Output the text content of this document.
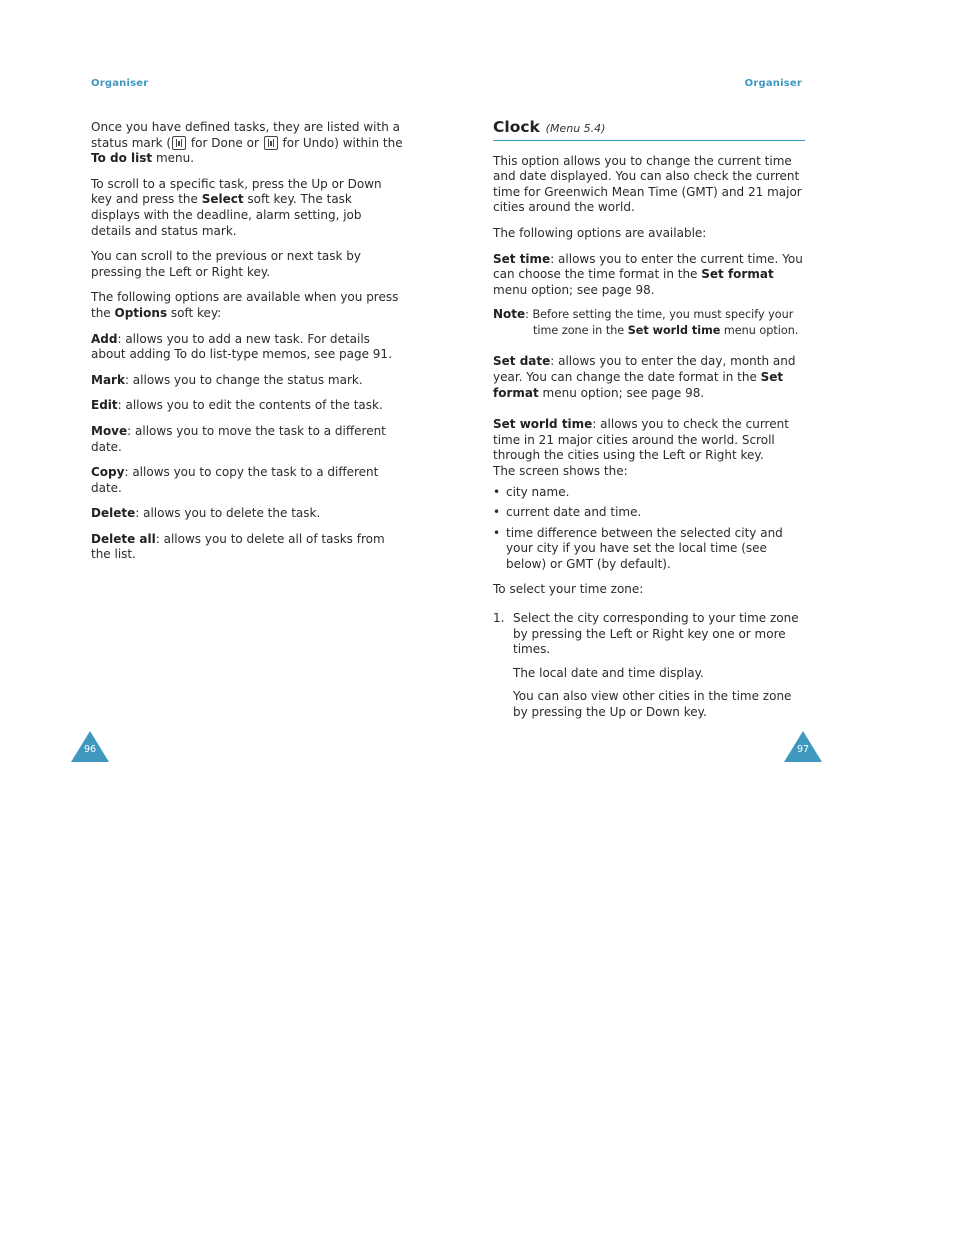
Organiser	Organiser

Once you have defined tasks, they are listed with a status mark ( for Done or  for Undo) within the To do list menu.

To scroll to a specific task, press the Up or Down key and press the Select soft key. The task displays with the deadline, alarm setting, job details and status mark.

You can scroll to the previous or next task by pressing the Left or Right key.

The following options are available when you press the Options soft key:

Add: allows you to add a new task. For details about adding To do list-type memos, see page 91.

Mark: allows you to change the status mark.

Edit: allows you to edit the contents of the task.

Move: allows you to move the task to a different date.

Copy: allows you to copy the task to a different date.

Delete: allows you to delete the task.

Delete all: allows you to delete all of tasks from the list.

Clock (Menu 5.4)

This option allows you to change the current time and date displayed. You can also check the current time for Greenwich Mean Time (GMT) and 21 major cities around the world.

The following options are available:

Set time: allows you to enter the current time. You can choose the time format in the Set format menu option; see page 98.

Note: Before setting the time, you must specify your
time zone in the Set world time menu option.

Set date: allows you to enter the day, month and year. You can change the date format in the Set format menu option; see page 98.

Set world time: allows you to check the current time in 21 major cities around the world. Scroll through the cities using the Left or Right key.
The screen shows the:

• city name.
• current date and time.
• time difference between the selected city and your city if you have set the local time (see below) or GMT (by default).

To select your time zone:

1. Select the city corresponding to your time zone by pressing the Left or Right key one or more times.
The local date and time display.
You can also view other cities in the time zone by pressing the Up or Down key.
96	97
